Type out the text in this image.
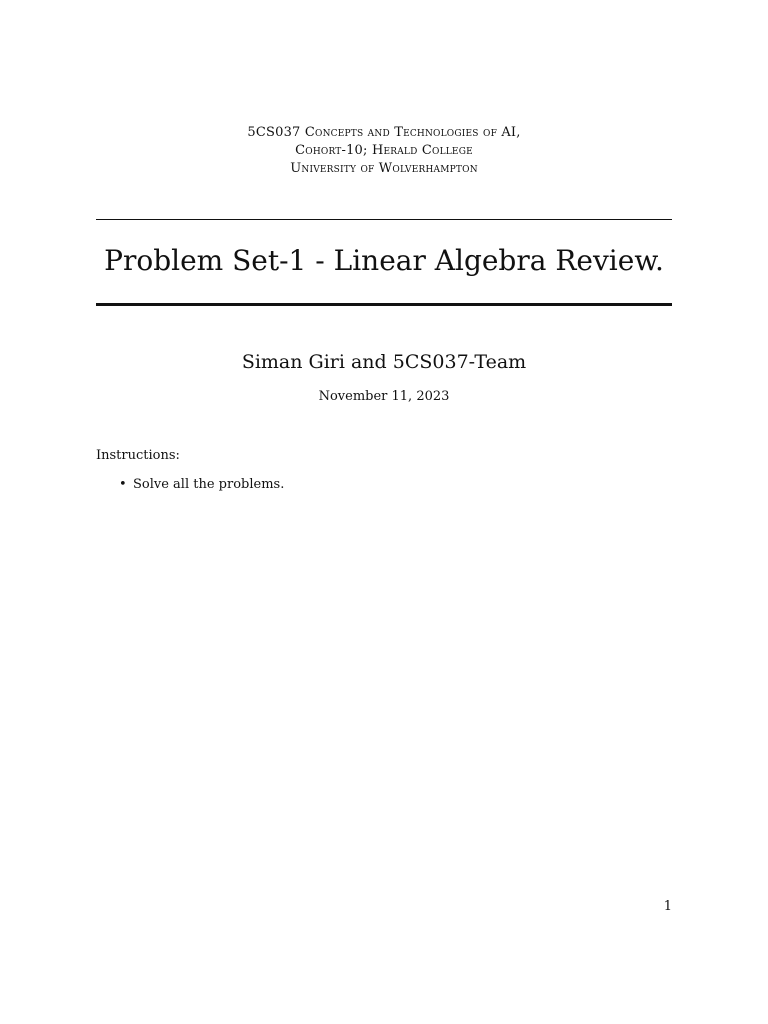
5CS037 Concepts and Technologies of AI,
Cohort-10; Herald College
University of Wolverhampton
Problem Set-1 - Linear Algebra Review.
Siman Giri and 5CS037-Team
November 11, 2023
Instructions:
• Solve all the problems.
1
